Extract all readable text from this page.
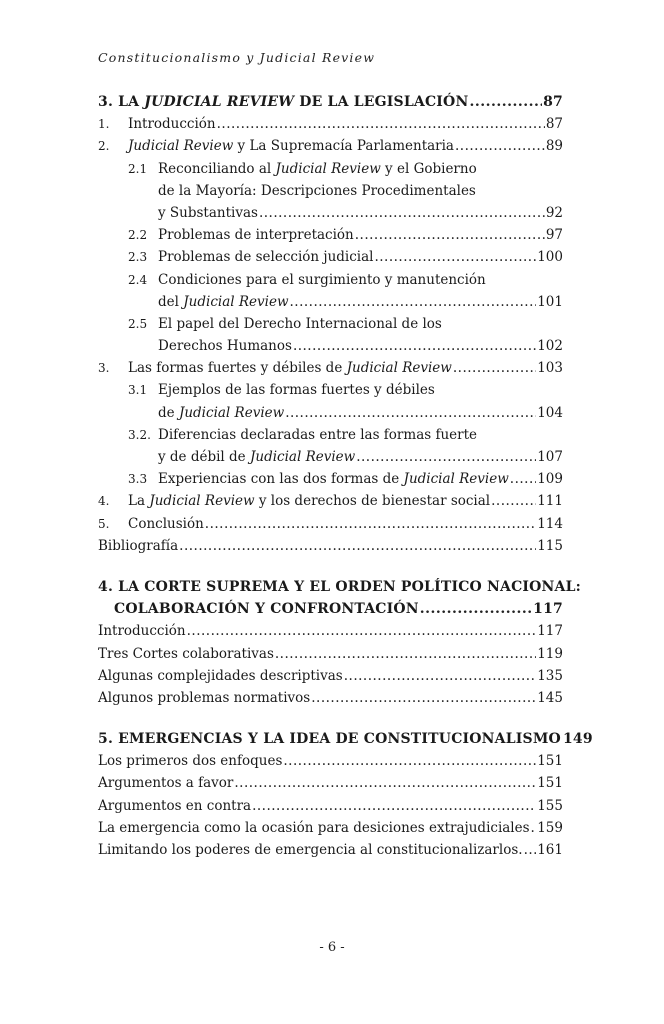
Constitucionalismo y Judicial Review
3. LA JUDICIAL REVIEW DE LA LEGISLACIÓN .....	87
1.	Introducción .....	87
2.	Judicial Review y La Supremacía Parlamentaria .....	89
2.1 Reconciliando al Judicial Review y el Gobierno
de la Mayoría: Descripciones Procedimentales
y Substantivas .....	92
2.2 Problemas de interpretación .....	97
2.3 Problemas de selección judicial .....	100
2.4 Condiciones para el surgimiento y manutención
del Judicial Review .....	101
2.5 El papel del Derecho Internacional de los
Derechos Humanos .....	102
3.	Las formas fuertes y débiles de Judicial Review .....	103
3.1 Ejemplos de las formas fuertes y débiles
de Judicial Review .....	104
3.2. Diferencias declaradas entre las formas fuerte
y de débil de Judicial Review .....	107
3.3 Experiencias con las dos formas de Judicial Review ..... 109
4.	La Judicial Review y los derechos de bienestar social .....	111
5.	Conclusión .....	114
Bibliografía .....	115
4. LA CORTE SUPREMA Y EL ORDEN POLÍTICO NACIONAL:
COLABORACIÓN Y CONFRONTACIÓN .....	117
Introducción .....	117
Tres Cortes colaborativas .....	119
Algunas complejidades descriptivas .....	135
Algunos problemas normativos .....	145
5. EMERGENCIAS Y LA IDEA DE CONSTITUCIONALISMO 149
Los primeros dos enfoques .....	151
Argumentos a favor .....	151
Argumentos en contra .....	155
La emergencia como la ocasión para desiciones extrajudiciales ..... 159
Limitando los poderes de emergencia al constitucionalizarlos. ..... 161
- 6 -
